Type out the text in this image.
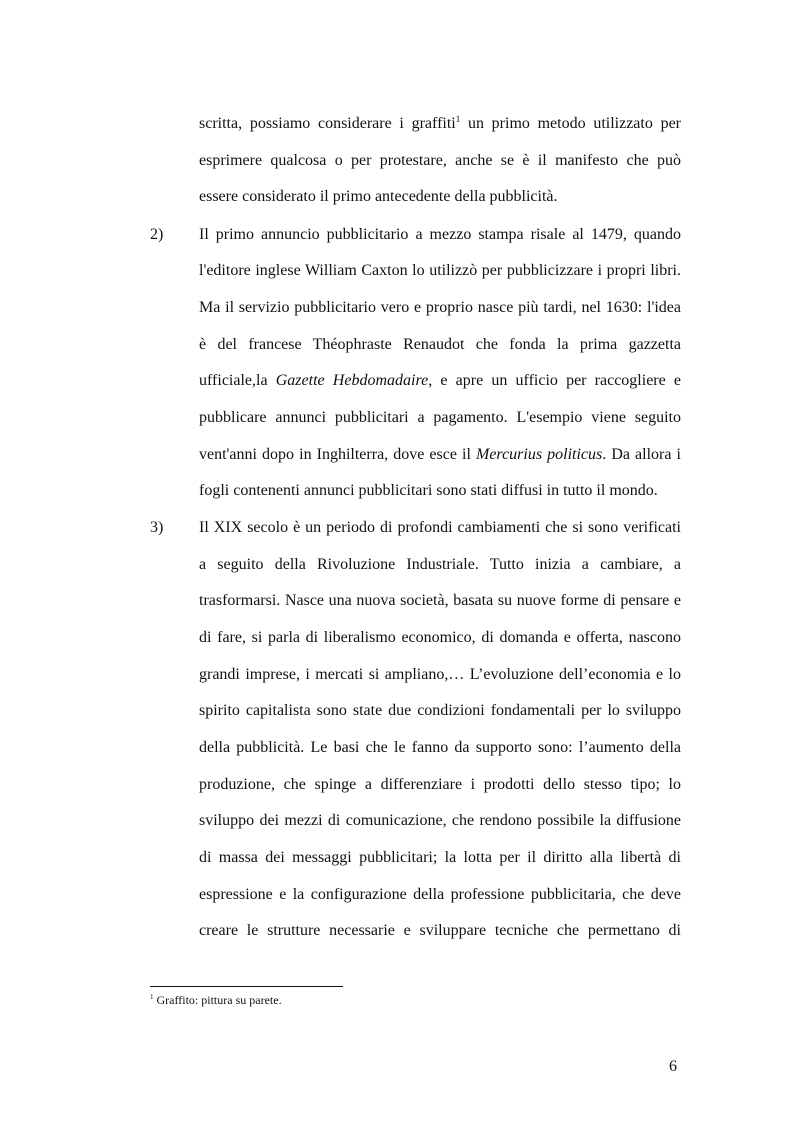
scritta, possiamo considerare i graffiti$^1$ un primo metodo utilizzato per
esprimere qualcosa o per protestare, anche se è il manifesto che può
essere considerato il primo antecedente della pubblicità.
2) Il primo annuncio pubblicitario a mezzo stampa risale al 1479, quando
l'editore inglese William Caxton lo utilizzò per pubblicizzare i propri libri.
Ma il servizio pubblicitario vero e proprio nasce più tardi, nel 1630: l'idea
è del francese Théophraste Renaudot che fonda la prima gazzetta
ufficiale,la Gazette Hebdomadaire, e apre un ufficio per raccogliere e
pubblicare annunci pubblicitari a pagamento. L'esempio viene seguito
vent'anni dopo in Inghilterra, dove esce il Mercurius politicus. Da allora i
fogli contenenti annunci pubblicitari sono stati diffusi in tutto il mondo.
3) Il XIX secolo è un periodo di profondi cambiamenti che si sono verificati
a seguito della Rivoluzione Industriale. Tutto inizia a cambiare, a
trasformarsi. Nasce una nuova società, basata su nuove forme di pensare e
di fare, si parla di liberalismo economico, di domanda e offerta, nascono
grandi imprese, i mercati si ampliano,… L’evoluzione dell’economia e lo
spirito capitalista sono state due condizioni fondamentali per lo sviluppo
della pubblicità. Le basi che le fanno da supporto sono: l’aumento della
produzione, che spinge a differenziare i prodotti dello stesso tipo; lo
sviluppo dei mezzi di comunicazione, che rendono possibile la diffusione
di massa dei messaggi pubblicitari; la lotta per il diritto alla libertà di
espressione e la configurazione della professione pubblicitaria, che deve
creare le strutture necessarie e sviluppare tecniche che permettano di
$^1$ Graffito: pittura su parete.
6
